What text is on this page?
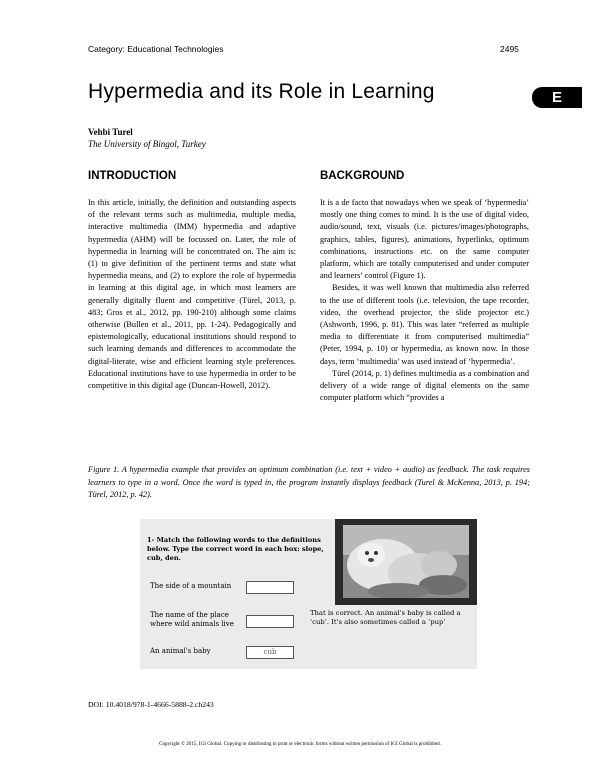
Category: Educational Technologies	2495
Hypermedia and its Role in Learning	E
Vehbi Turel
The University of Bingol, Turkey
INTRODUCTION	BACKGROUND

In this article, initially, the definition and outstanding aspects of the relevant terms such as multimedia, multiple media, interactive multimedia (IMM) hypermedia and adaptive hypermedia (AHM) will be focussed on. Later, the role of hypermedia in learning will be concentrated on. The aim is: (1) to give definition of the pertinent terms and state what hypermedia means, and (2) to explore the role of hypermedia in learning at this digital age, in which most learners are generally digitally fluent and competitive (Türel, 2013, p. 483; Gros et al., 2012, pp. 190-210) although some claims otherwise (Bullen et al., 2011, pp. 1-24). Pedagogically and epistemologically, educational institutions should respond to such learning demands and differences to accommodate the digital-literate, wise and efficient learning style preferences. Educational institutions have to use hypermedia in order to be competitive in this digital age (Duncan-Howell, 2012).

It is a de facto that nowadays when we speak of ‘hypermedia’ mostly one thing comes to mind. It is the use of digital video, audio/sound, text, visuals (i.e. pictures/images/photographs, graphics, tables, figures), animations, hyperlinks, optimum combinations, instructions etc. on the same computer platform, which are totally computerised and under computer and learners’ control (Figure 1).

Besides, it was well known that multimedia also referred to the use of different tools (i.e. television, the tape recorder, video, the overhead projector, the slide projector etc.) (Ashworth, 1996, p. 81). This was later “referred as multiple media to differentiate it from computerised multimedia” (Peter, 1994, p. 10) or hypermedia, as known now. In those days, term ‘multimedia’ was used instead of ‘hypermedia’.

Türel (2014, p. 1) defines multimedia as a combination and delivery of a wide range of digital elements on the same computer platform which “provides a

Figure 1. A hypermedia example that provides an optimum combination (i.e. text + video + audio) as feedback. The task requires learners to type in a word. Once the word is typed in, the program instantly displays feedback (Turel & McKenna, 2013, p. 194; Türel, 2012, p. 42).
1- Match the following words to the definitions below. Type the correct word in each box: slope, cub, den.
The side of a mountain
The name of the place where wild animals live
An animal's baby	cub
That is correct. An animal's baby is called a ‘cub’. It's also sometimes called a ‘pup’
DOI: 10.4018/978-1-4666-5888-2.ch243
Copyright © 2015, IGI Global. Copying or distributing in print or electronic forms without written permission of IGI Global is prohibited.
